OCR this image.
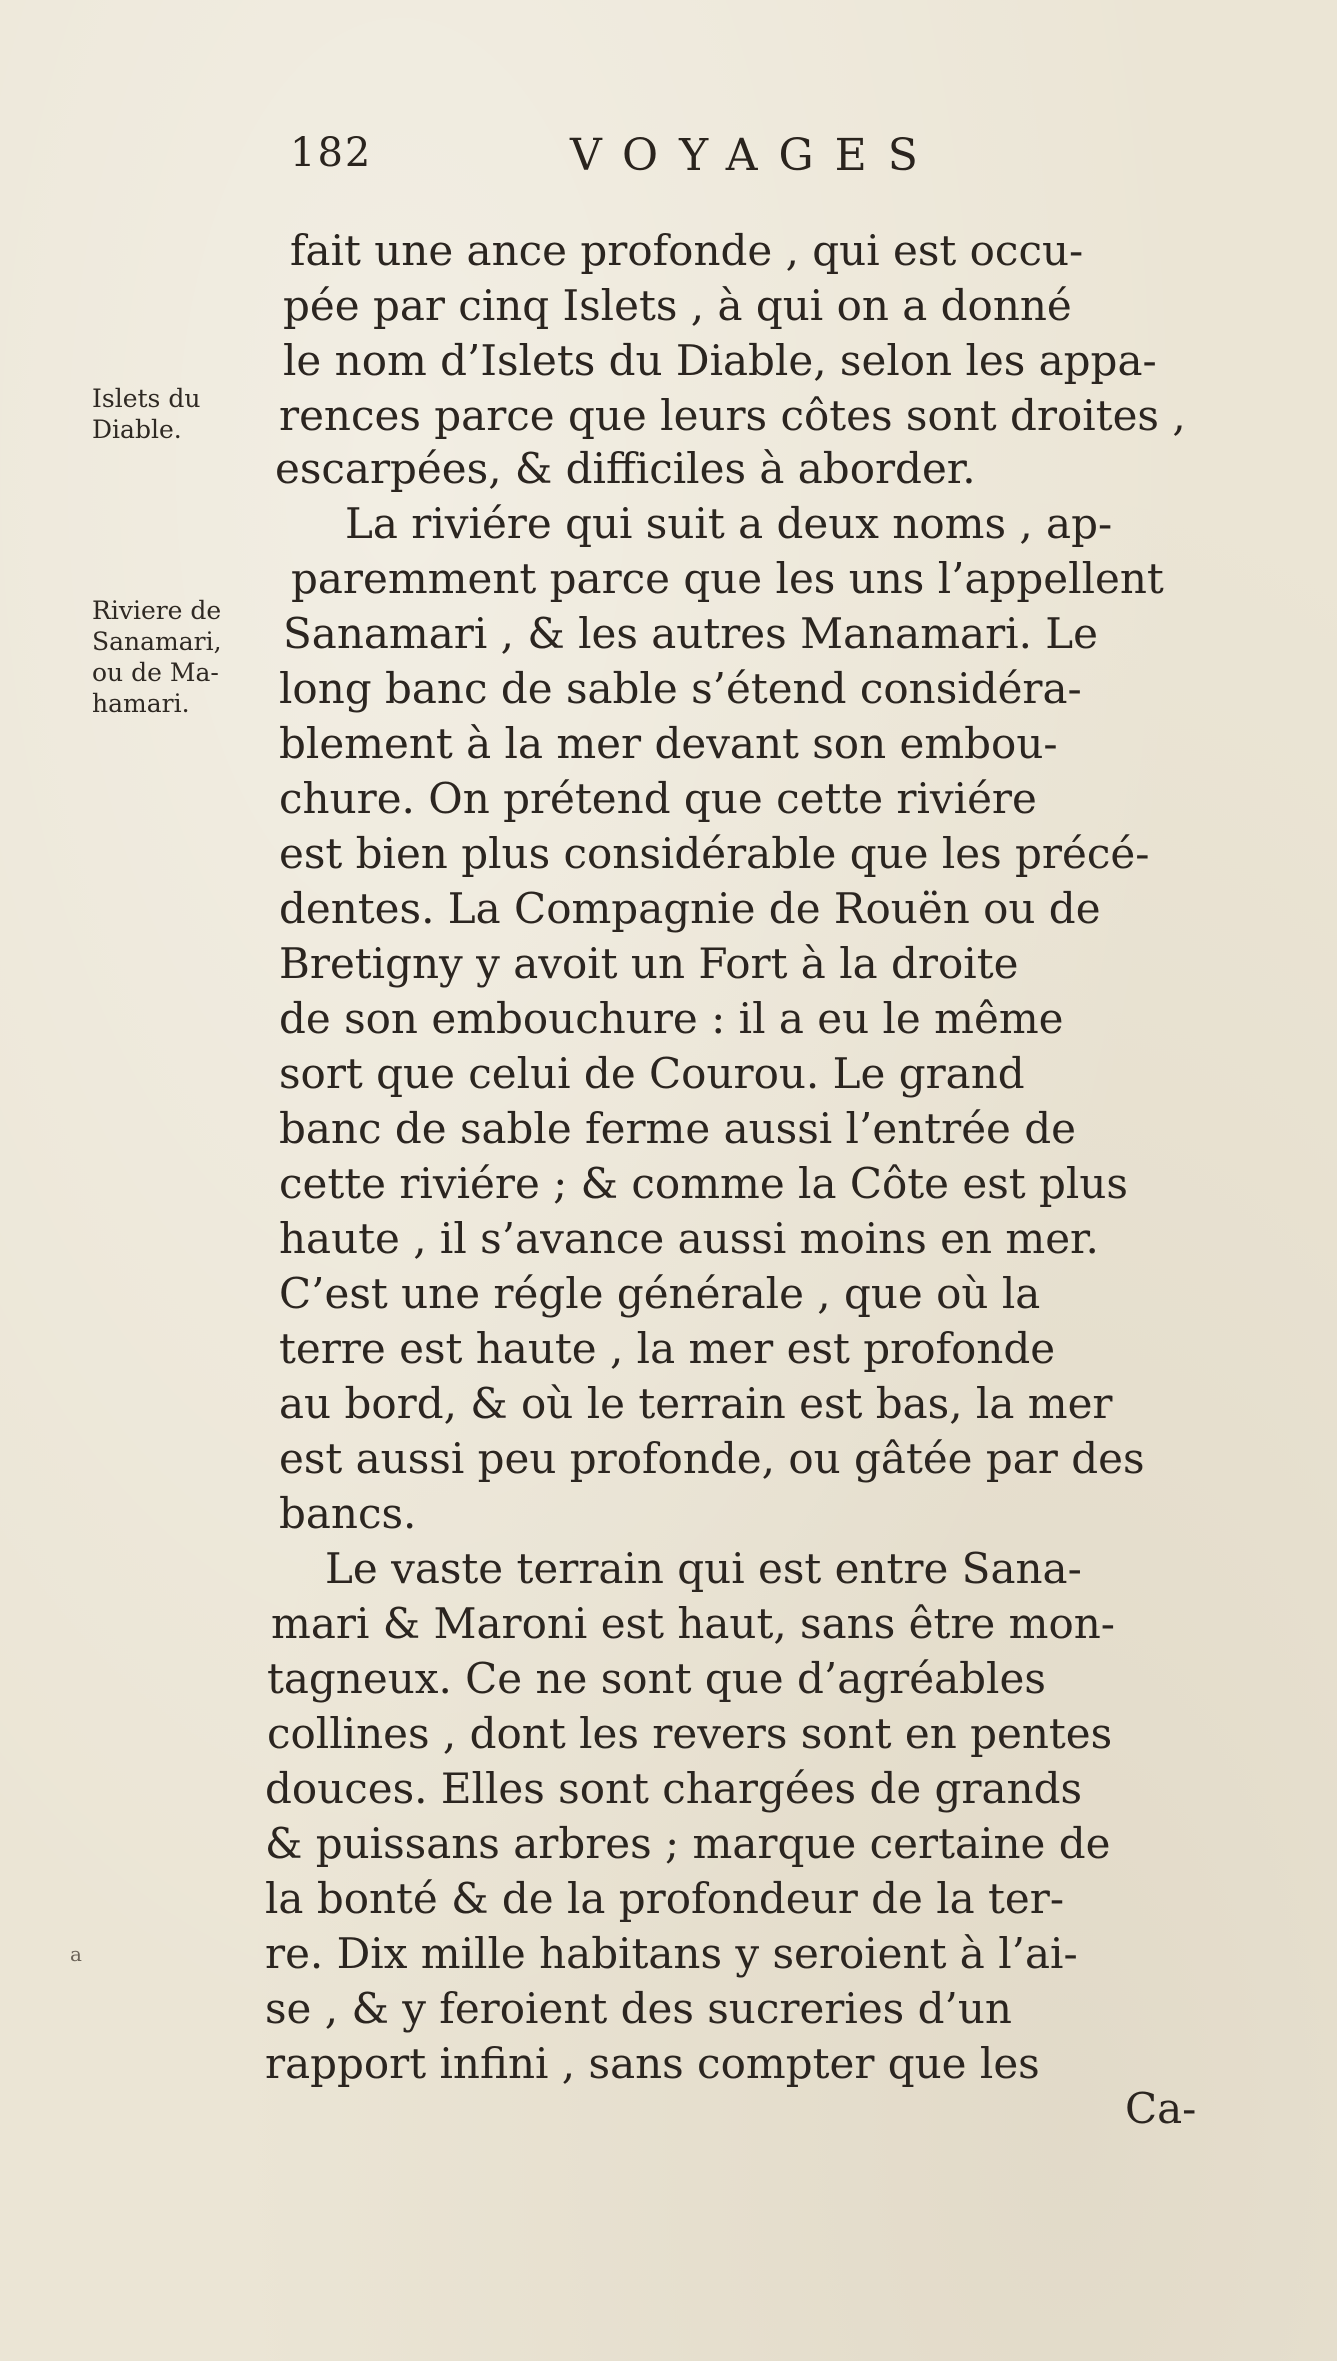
182	VOYAGES
Islets du
Diable.
Riviere de
Sanamari,
ou de Ma-
hamari.
fait une ance profonde , qui est occu-
pée par cinq Islets , à qui on a donné
le nom d’Islets du Diable, selon les appa-
rences parce que leurs côtes sont droites ,
escarpées, & difficiles à aborder.
La riviére qui suit a deux noms , ap-
paremment parce que les uns l’appellent
Sanamari , & les autres Manamari. Le
long banc de sable s’étend considéra-
blement à la mer devant son embou-
chure. On prétend que cette riviére
est bien plus considérable que les précé-
dentes. La Compagnie de Rouën ou de
Bretigny y avoit un Fort à la droite
de son embouchure : il a eu le même
sort que celui de Courou. Le grand
banc de sable ferme aussi l’entrée de
cette riviére ; & comme la Côte est plus
haute , il s’avance aussi moins en mer.
C’est une régle générale , que où la
terre est haute , la mer est profonde
au bord, & où le terrain est bas, la mer
est aussi peu profonde, ou gâtée par des
bancs.
Le vaste terrain qui est entre Sana-
mari & Maroni est haut, sans être mon-
tagneux. Ce ne sont que d’agréables
collines , dont les revers sont en pentes
douces. Elles sont chargées de grands
& puissans arbres ; marque certaine de
la bonté & de la profondeur de la ter-
re. Dix mille habitans y seroient à l’ai-
se , & y feroient des sucreries d’un
rapport infini , sans compter que les
Ca-
a
